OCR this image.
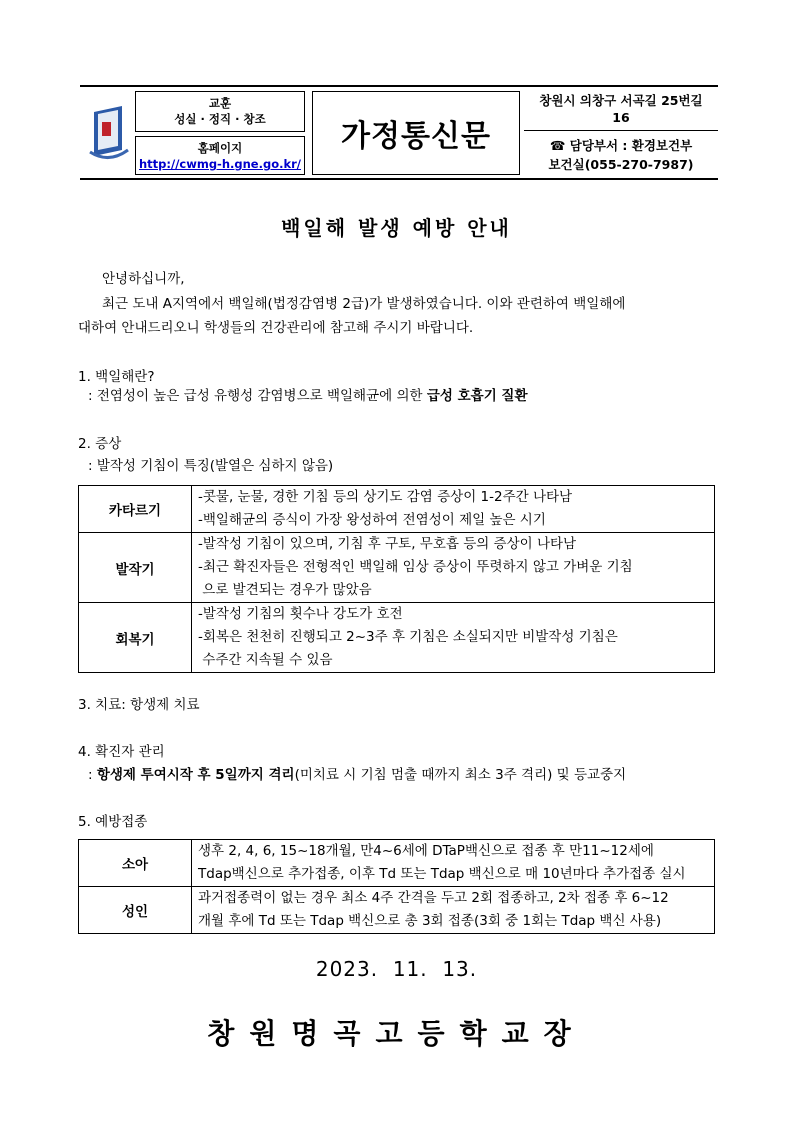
교훈
성실 · 정직 · 창조
홈페이지
http://cwmg-h.gne.go.kr/
가정통신문
창원시 의창구 서곡길 25번길
16
☎ 담당부서 : 환경보건부
보건실(055-270-7987)
백일해 발생 예방 안내
안녕하십니까,
최근 도내 A지역에서 백일해(법정감염병 2급)가 발생하였습니다. 이와 관련하여 백일해에
대하여 안내드리오니 학생들의 건강관리에 참고해 주시기 바랍니다.
1. 백일해란?
: 전염성이 높은 급성 유행성 감염병으로 백일해균에 의한 급성 호흡기 질환
2. 증상
: 발작성 기침이 특징(발열은 심하지 않음)
카타르기	-콧물, 눈물, 경한 기침 등의 상기도 감염 증상이 1-2주간 나타남
-백일해균의 증식이 가장 왕성하여 전염성이 제일 높은 시기

발작기	-발작성 기침이 있으며, 기침 후 구토, 무호흡 등의 증상이 나타남
-최근 확진자들은 전형적인 백일해 임상 증상이 뚜렷하지 않고 가벼운 기침
으로 발견되는 경우가 많았음

회복기	-발작성 기침의 횟수나 강도가 호전
-회복은 천천히 진행되고 2~3주 후 기침은 소실되지만 비발작성 기침은
수주간 지속될 수 있음
3. 치료: 항생제 치료
4. 확진자 관리
: 항생제 투여시작 후 5일까지 격리(미치료 시 기침 멈출 때까지 최소 3주 격리) 및 등교중지
5. 예방접종
소아	생후 2, 4, 6, 15~18개월, 만4~6세에 DTaP백신으로 접종 후 만11~12세에
Tdap백신으로 추가접종, 이후 Td 또는 Tdap 백신으로 매 10년마다 추가접종 실시

성인	과거접종력이 없는 경우 최소 4주 간격을 두고 2회 접종하고, 2차 접종 후 6~12
개월 후에 Td 또는 Tdap 백신으로 총 3회 접종(3회 중 1회는 Tdap 백신 사용)
2023.  11.  13.
창원명곡고등학교장
